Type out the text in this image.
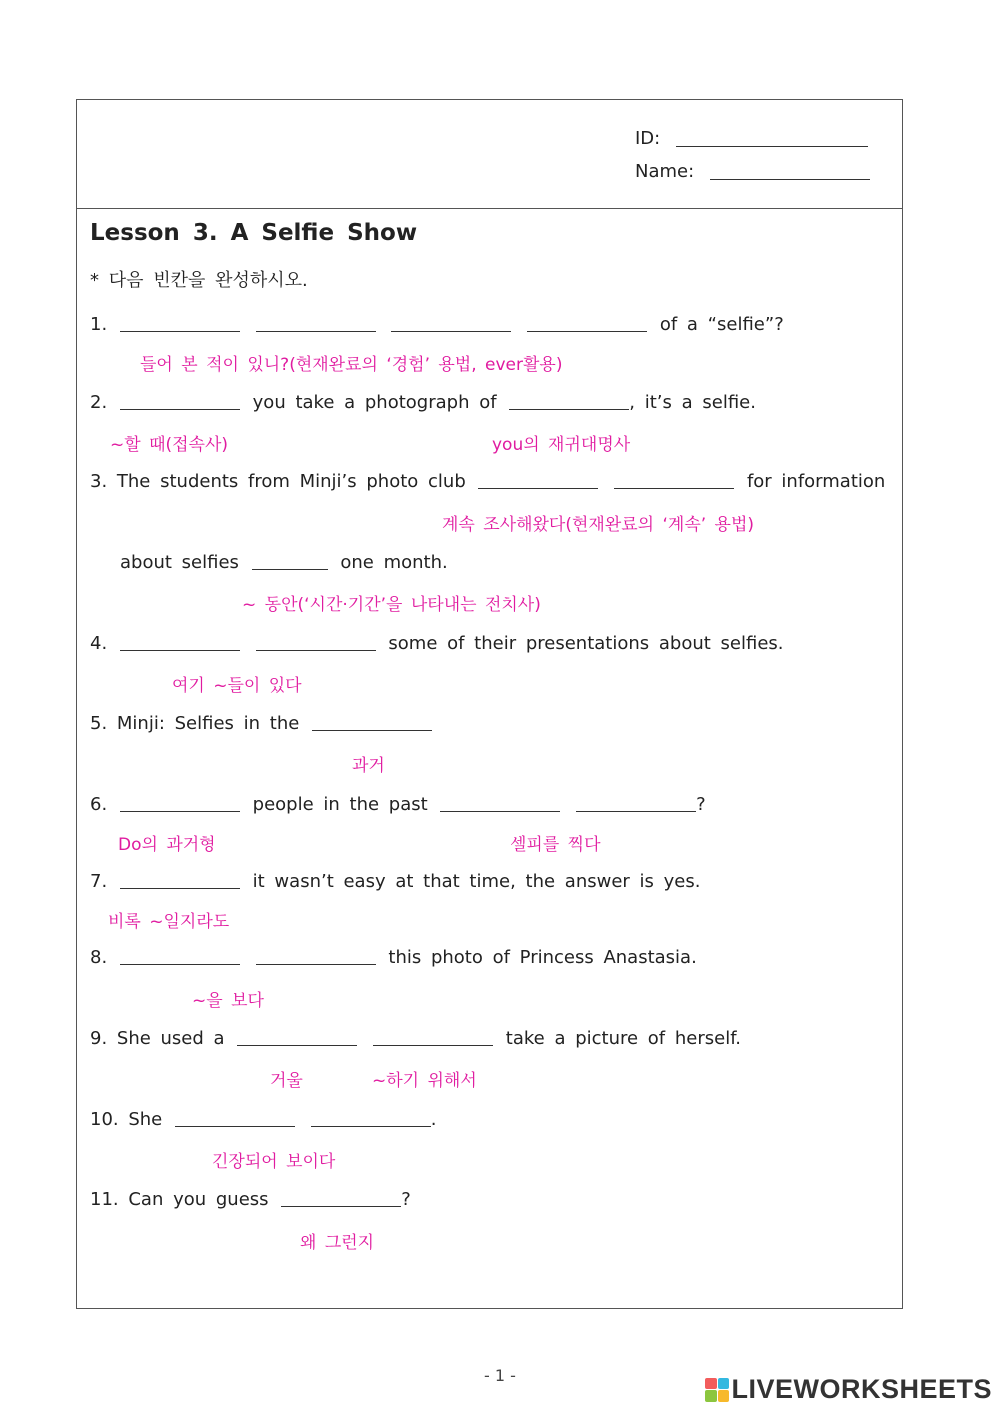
ID:
Name:
Lesson 3. A Selfie Show
* 다음 빈칸을 완성하시오.
1.	of a “selfie”?
들어 본 적이 있니?(현재완료의 ‘경험’ 용법, ever활용)
2.	you take a photograph of	, it’s a selfie.
~할 때(접속사)	you의 재귀대명사
3. The students from Minji’s photo club	for information
계속 조사해왔다(현재완료의 ‘계속’ 용법)
about selfies	one month.
~ 동안(‘시간·기간’을 나타내는 전치사)
4.	some of their presentations about selfies.
여기 ~들이 있다
5. Minji: Selfies in the
과거
6.	people in the past	?
Do의 과거형	셀피를 찍다
7.	it wasn’t easy at that time, the answer is yes.
비록 ~일지라도
8.	this photo of Princess Anastasia.
~을 보다
9. She used a	take a picture of herself.
거울	~하기 위해서
10. She	.
긴장되어 보이다
11. Can you guess	?
왜 그런지
- 1 -	LIVEWORKSHEETS
